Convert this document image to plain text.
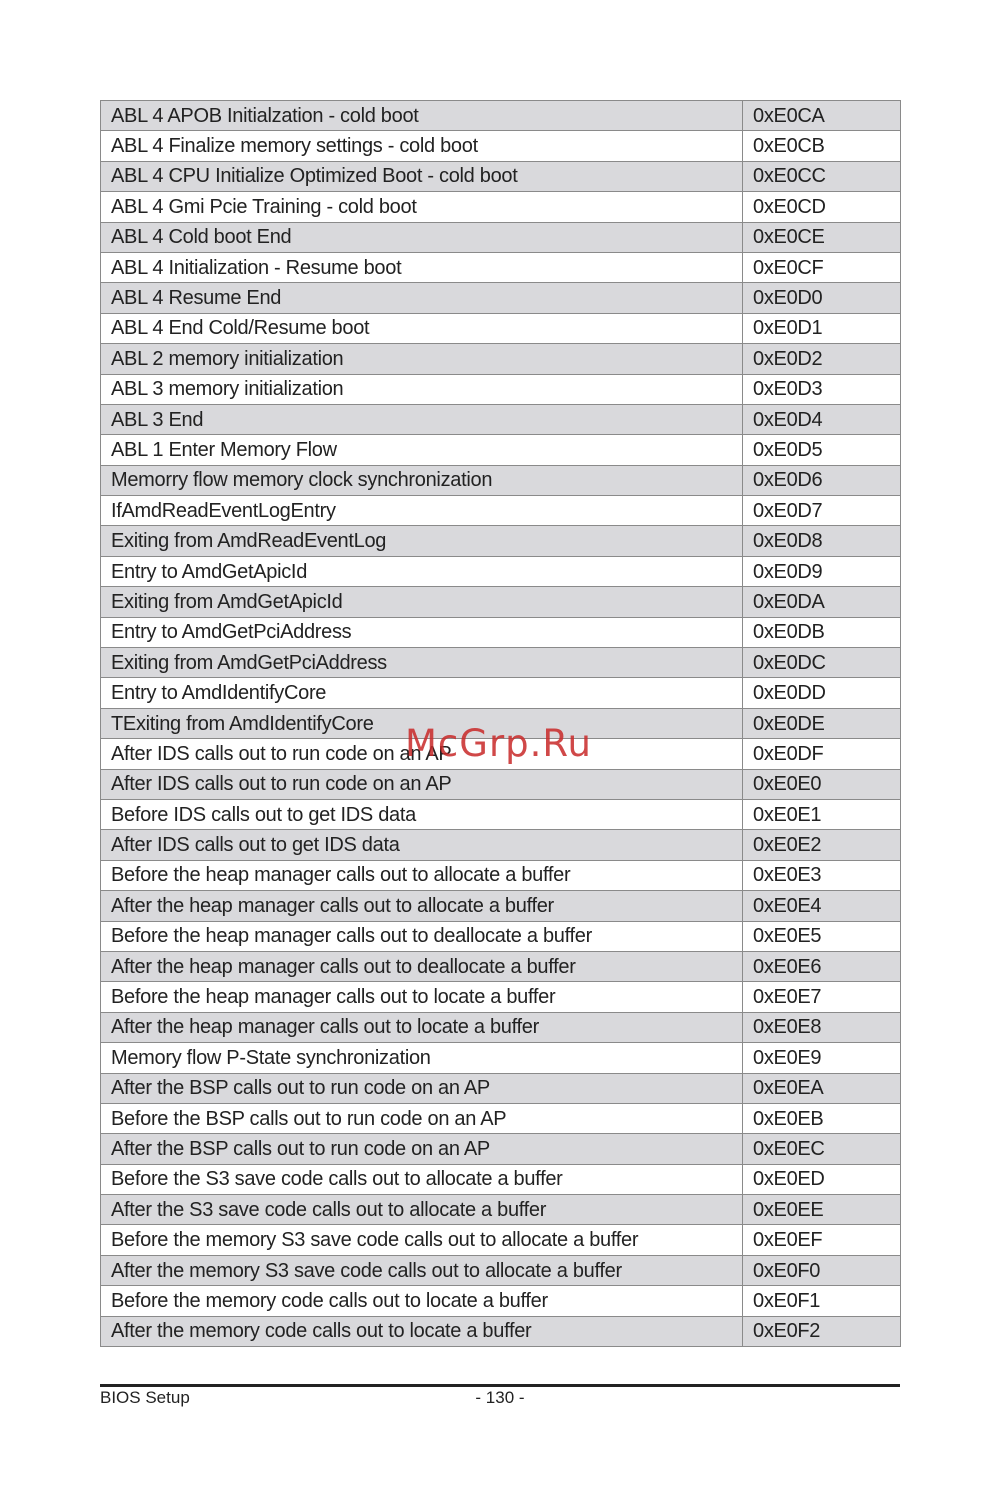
ABL 4 APOB Initialzation - cold boot	0xE0CA
ABL 4 Finalize memory settings - cold boot	0xE0CB
ABL 4 CPU Initialize Optimized Boot - cold boot	0xE0CC
ABL 4 Gmi Pcie Training - cold boot	0xE0CD
ABL 4 Cold boot End	0xE0CE
ABL 4 Initialization - Resume boot	0xE0CF
ABL 4 Resume End	0xE0D0
ABL 4 End Cold/Resume boot	0xE0D1
ABL 2 memory initialization	0xE0D2
ABL 3 memory initialization	0xE0D3
ABL 3 End	0xE0D4
ABL 1 Enter Memory Flow	0xE0D5
Memorry flow memory clock synchronization	0xE0D6
IfAmdReadEventLogEntry	0xE0D7
Exiting from AmdReadEventLog	0xE0D8
Entry to AmdGetApicId	0xE0D9
Exiting from AmdGetApicId	0xE0DA
Entry to AmdGetPciAddress	0xE0DB
Exiting from AmdGetPciAddress	0xE0DC
Entry to AmdIdentifyCore	0xE0DD
TExiting from AmdIdentifyCore	0xE0DE
After IDS calls out to run code on an AP	0xE0DF
After IDS calls out to run code on an AP	0xE0E0
Before IDS calls out to get IDS data	0xE0E1
After IDS calls out to get IDS data	0xE0E2
Before the heap manager calls out to allocate a buffer	0xE0E3
After the heap manager calls out to allocate a buffer	0xE0E4
Before the heap manager calls out to deallocate a buffer	0xE0E5
After the heap manager calls out to deallocate a buffer	0xE0E6
Before the heap manager calls out to locate a buffer	0xE0E7
After the heap manager calls out to locate a buffer	0xE0E8
Memory flow P-State synchronization	0xE0E9
After the BSP calls out to run code on an AP	0xE0EA
Before the BSP calls out to run code on an AP	0xE0EB
After the BSP calls out to run code on an AP	0xE0EC
Before the S3 save code calls out to allocate a buffer	0xE0ED
After the S3 save code calls out to allocate a buffer	0xE0EE
Before the memory S3 save code calls out to allocate a buffer	0xE0EF
After the memory S3 save code calls out to allocate a buffer	0xE0F0
Before the memory code calls out to locate a buffer	0xE0F1
After the memory code calls out to locate a buffer	0xE0F2
McGrp.Ru
BIOS Setup	- 130 -
